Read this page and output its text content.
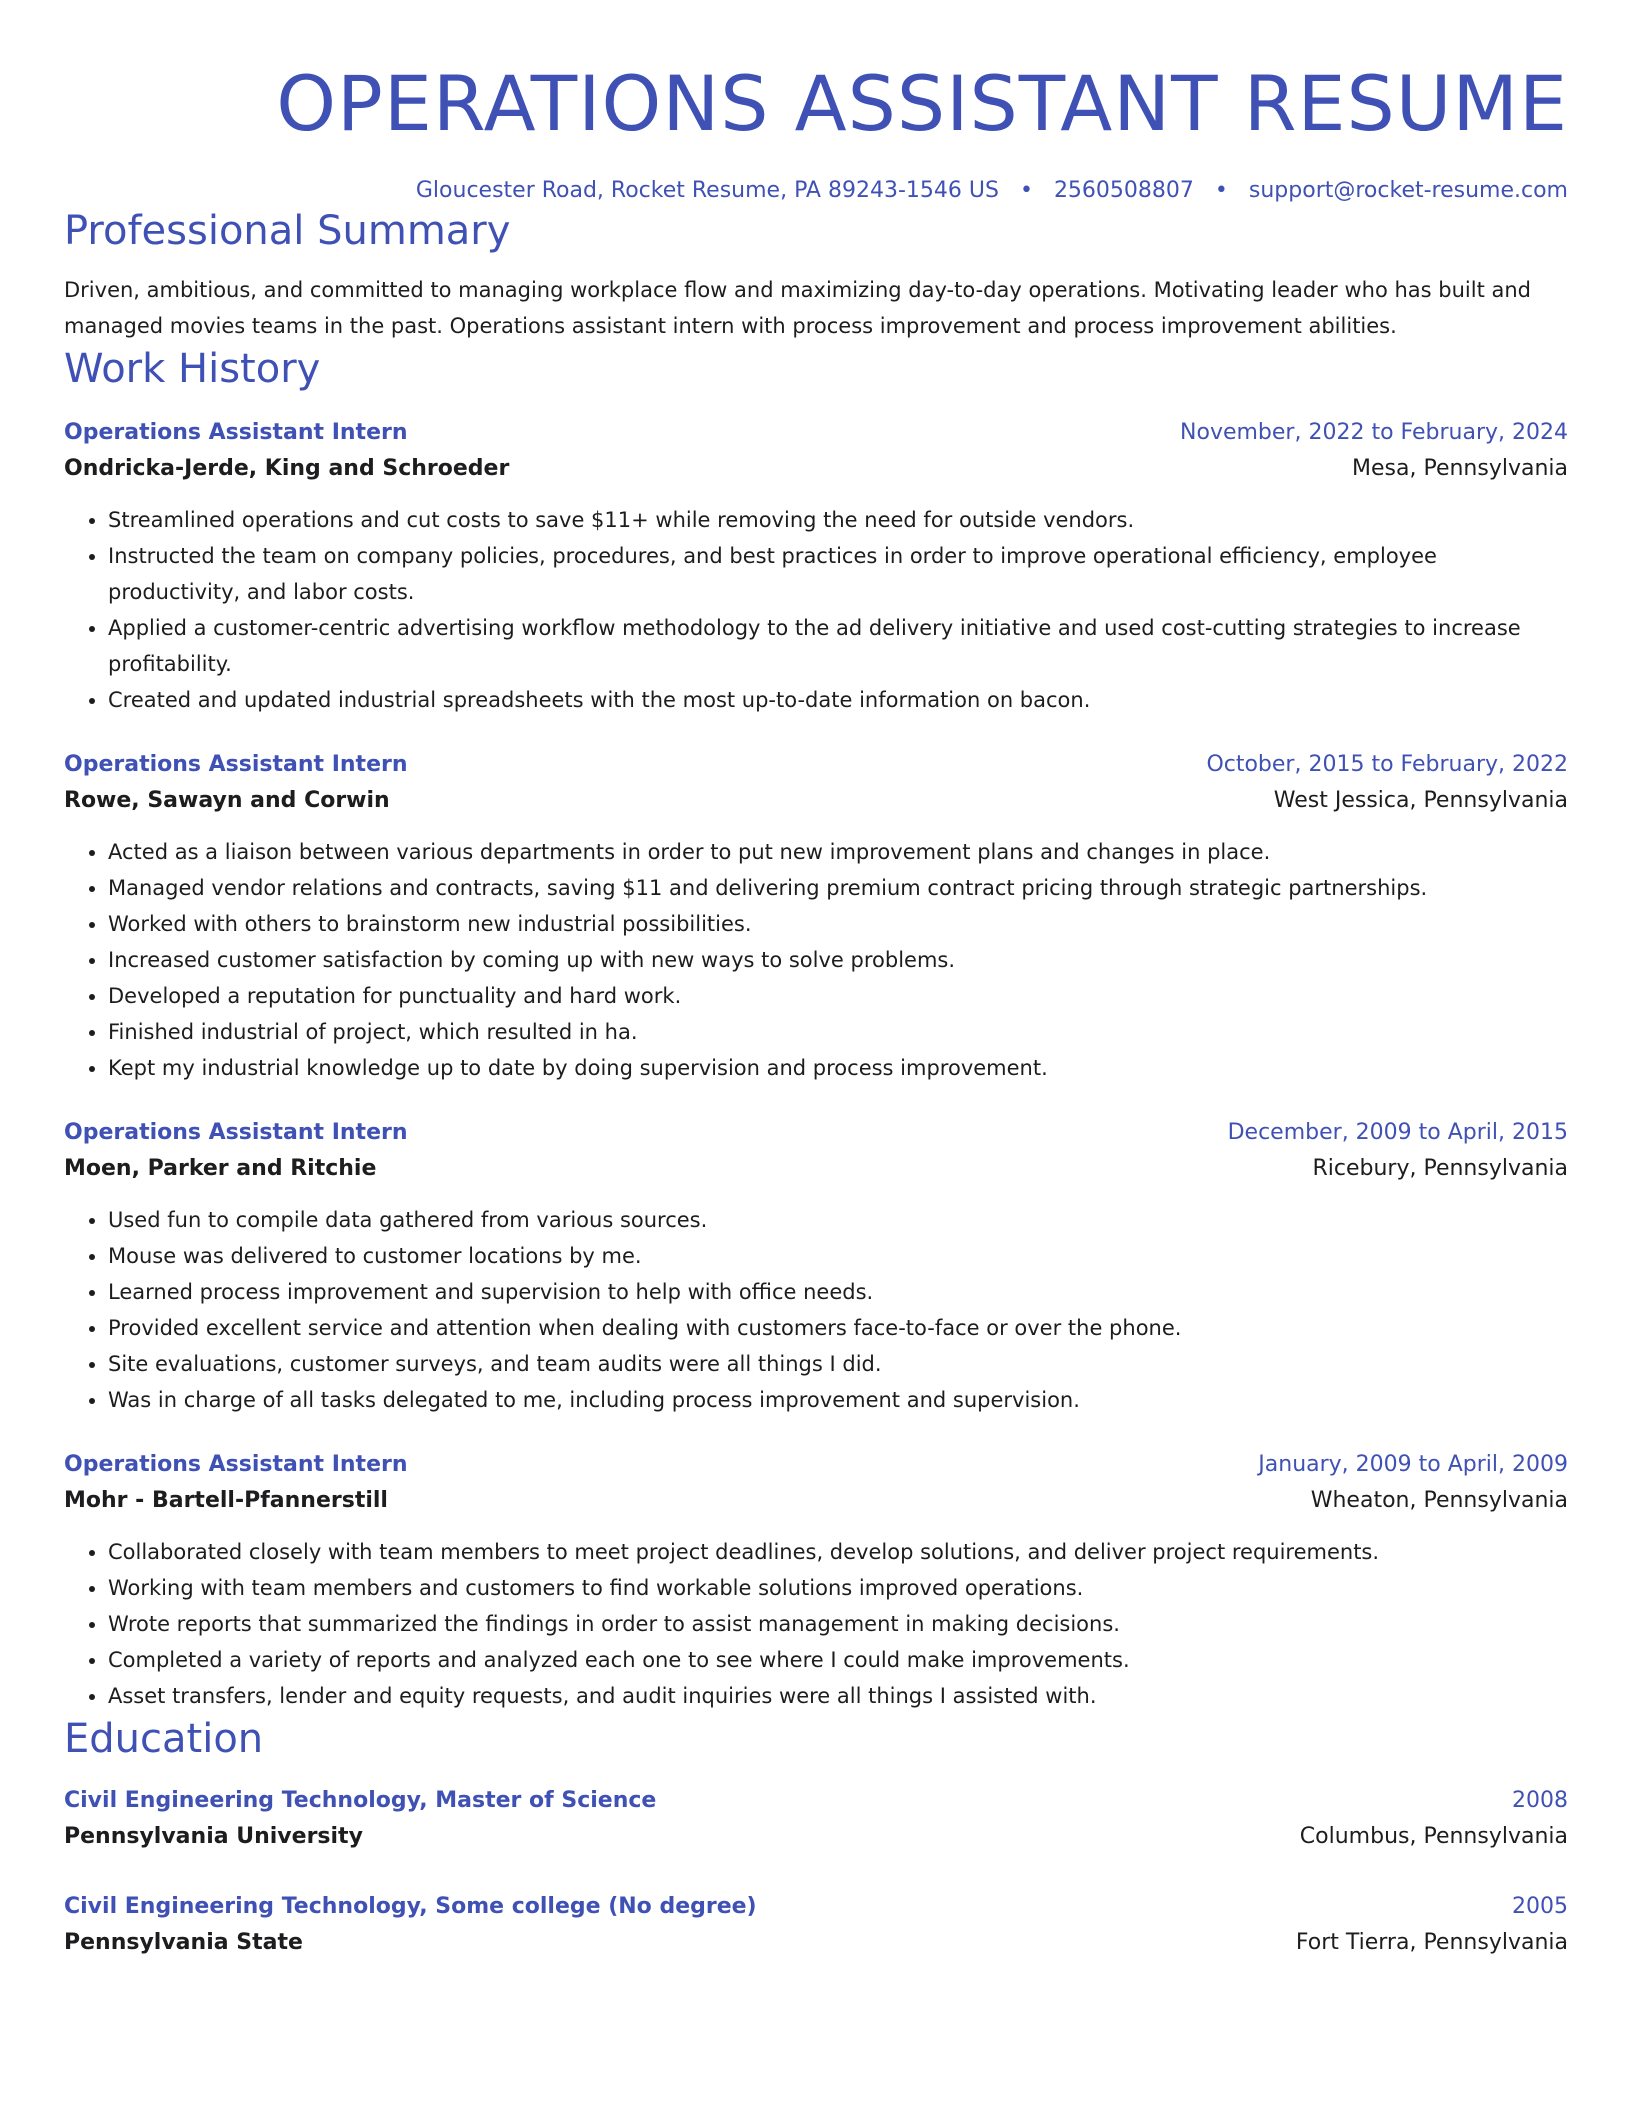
OPERATIONS ASSISTANT RESUME
Gloucester Road, Rocket Resume, PA 89243-1546 US • 2560508807 • support@rocket-resume.com
Professional Summary
Driven, ambitious, and committed to managing workplace flow and maximizing day-to-day operations. Motivating leader who has built and managed movies teams in the past. Operations assistant intern with process improvement and process improvement abilities.
Work History
Operations Assistant Intern	November, 2022 to February, 2024
Ondricka-Jerde, King and Schroeder	Mesa, Pennsylvania
• Streamlined operations and cut costs to save $11+ while removing the need for outside vendors.
• Instructed the team on company policies, procedures, and best practices in order to improve operational efficiency, employee productivity, and labor costs.
• Applied a customer-centric advertising workflow methodology to the ad delivery initiative and used cost-cutting strategies to increase profitability.
• Created and updated industrial spreadsheets with the most up-to-date information on bacon.
Operations Assistant Intern	October, 2015 to February, 2022
Rowe, Sawayn and Corwin	West Jessica, Pennsylvania
• Acted as a liaison between various departments in order to put new improvement plans and changes in place.
• Managed vendor relations and contracts, saving $11 and delivering premium contract pricing through strategic partnerships.
• Worked with others to brainstorm new industrial possibilities.
• Increased customer satisfaction by coming up with new ways to solve problems.
• Developed a reputation for punctuality and hard work.
• Finished industrial of project, which resulted in ha.
• Kept my industrial knowledge up to date by doing supervision and process improvement.
Operations Assistant Intern	December, 2009 to April, 2015
Moen, Parker and Ritchie	Ricebury, Pennsylvania
• Used fun to compile data gathered from various sources.
• Mouse was delivered to customer locations by me.
• Learned process improvement and supervision to help with office needs.
• Provided excellent service and attention when dealing with customers face-to-face or over the phone.
• Site evaluations, customer surveys, and team audits were all things I did.
• Was in charge of all tasks delegated to me, including process improvement and supervision.
Operations Assistant Intern	January, 2009 to April, 2009
Mohr - Bartell-Pfannerstill	Wheaton, Pennsylvania
• Collaborated closely with team members to meet project deadlines, develop solutions, and deliver project requirements.
• Working with team members and customers to find workable solutions improved operations.
• Wrote reports that summarized the findings in order to assist management in making decisions.
• Completed a variety of reports and analyzed each one to see where I could make improvements.
• Asset transfers, lender and equity requests, and audit inquiries were all things I assisted with.
Education
Civil Engineering Technology, Master of Science	2008
Pennsylvania University	Columbus, Pennsylvania
Civil Engineering Technology, Some college (No degree)	2005
Pennsylvania State	Fort Tierra, Pennsylvania
